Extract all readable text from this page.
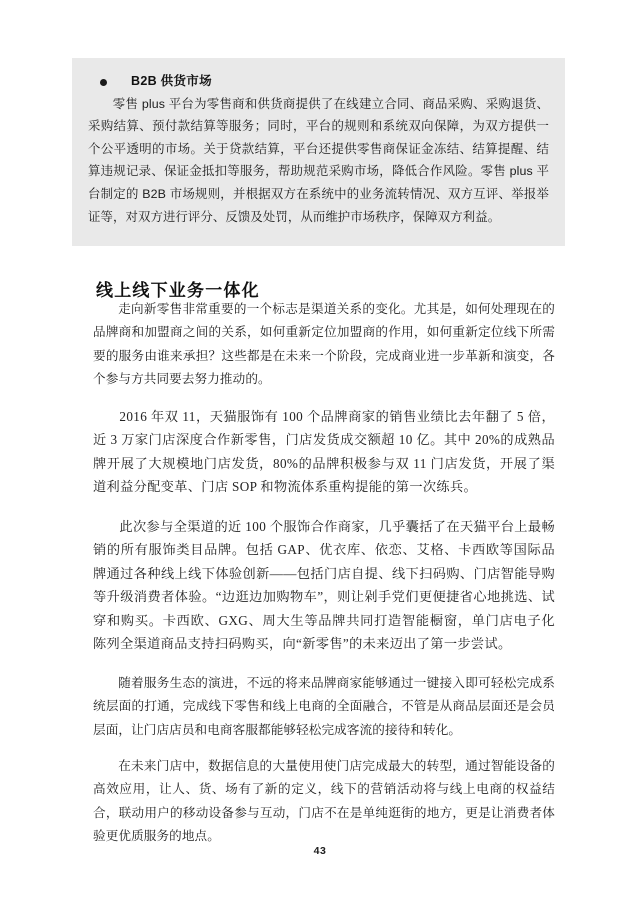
B2B 供货市场

零售 plus 平台为零售商和供货商提供了在线建立合同、商品采购、采购退货、采购结算、预付款结算等服务；同时，平台的规则和系统双向保障，为双方提供一个公平透明的市场。关于贷款结算，平台还提供零售商保证金冻结、结算提醒、结算违规记录、保证金抵扣等服务，帮助规范采购市场，降低合作风险。零售 plus 平台制定的 B2B 市场规则，并根据双方在系统中的业务流转情况、双方互评、举报举证等，对双方进行评分、反馈及处罚，从而维护市场秩序，保障双方利益。

线上线下业务一体化

走向新零售非常重要的一个标志是渠道关系的变化。尤其是，如何处理现在的品牌商和加盟商之间的关系，如何重新定位加盟商的作用，如何重新定位线下所需要的服务由谁来承担？这些都是在未来一个阶段，完成商业进一步革新和演变，各个参与方共同要去努力推动的。

2016 年双 11，天猫服饰有 100 个品牌商家的销售业绩比去年翻了 5 倍，近 3 万家门店深度合作新零售，门店发货成交额超 10 亿。其中 20%的成熟品牌开展了大规模地门店发货，80%的品牌积极参与双 11 门店发货，开展了渠道利益分配变革、门店 SOP 和物流体系重构提能的第一次练兵。

此次参与全渠道的近 100 个服饰合作商家，几乎囊括了在天猫平台上最畅销的所有服饰类目品牌。包括 GAP、优衣库、依恋、艾格、卡西欧等国际品牌通过各种线上线下体验创新——包括门店自提、线下扫码购、门店智能导购等升级消费者体验。“边逛边加购物车”，则让剁手党们更便捷省心地挑选、试穿和购买。卡西欧、GXG、周大生等品牌共同打造智能橱窗，单门店电子化陈列全渠道商品支持扫码购买，向“新零售”的未来迈出了第一步尝试。

随着服务生态的演进，不远的将来品牌商家能够通过一键接入即可轻松完成系统层面的打通，完成线下零售和线上电商的全面融合，不管是从商品层面还是会员层面，让门店店员和电商客服都能够轻松完成客流的接待和转化。

在未来门店中，数据信息的大量使用使门店完成最大的转型，通过智能设备的高效应用，让人、货、场有了新的定义，线下的营销活动将与线上电商的权益结合，联动用户的移动设备参与互动，门店不在是单纯逛街的地方，更是让消费者体验更优质服务的地点。

43
